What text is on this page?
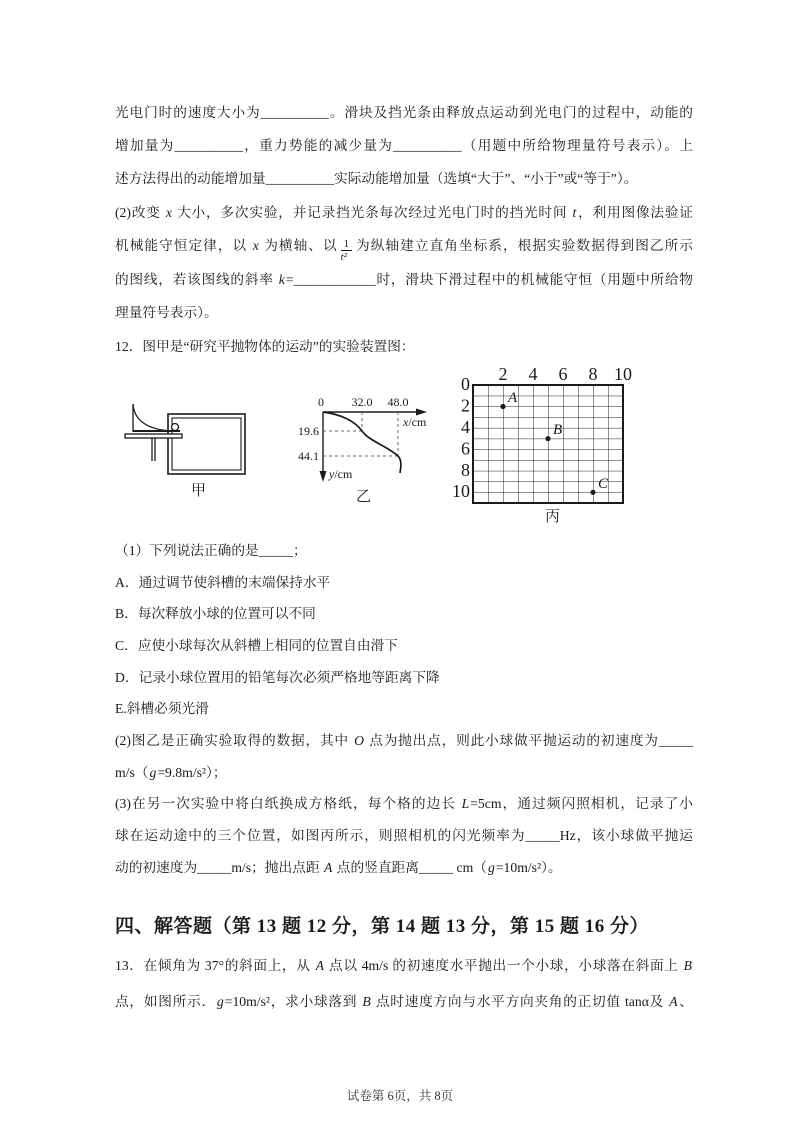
光电门时的速度大小为__________。滑块及挡光条由释放点运动到光电门的过程中，动能的
增加量为__________，重力势能的减少量为__________（用题中所给物理量符号表示）。上
述方法得出的动能增加量__________实际动能增加量（选填“大于”、“小于”或“等于”）。
(2)改变 x 大小，多次实验，并记录挡光条每次经过光电门时的挡光时间 t，利用图像法验证
机械能守恒定律，以 x 为横轴、以 $\frac{1}{\text{t²}}$ 为纵轴建立直角坐标系，根据实验数据得到图乙所示
的图线，若该图线的斜率 k=____________时，滑块下滑过程中的机械能守恒（用题中所给物
理量符号表示）。
12．图甲是“研究平抛物体的运动”的实验装置图：
甲
0 32.0 48.0
19.6
44.1
x/cm
y/cm
乙
0 2 4 6 8 10
2
4
6
8
10
A
B
C
丙
（1）下列说法正确的是_____；
A．通过调节使斜槽的末端保持水平
B．每次释放小球的位置可以不同
C．应使小球每次从斜槽上相同的位置自由滑下
D．记录小球位置用的铅笔每次必须严格地等距离下降
E.斜槽必须光滑
(2)图乙是正确实验取得的数据，其中 O 点为抛出点，则此小球做平抛运动的初速度为_____
m/s（g=9.8m/s²）；
(3)在另一次实验中将白纸换成方格纸，每个格的边长 L=5cm，通过频闪照相机，记录了小
球在运动途中的三个位置，如图丙所示，则照相机的闪光频率为_____Hz，该小球做平抛运
动的初速度为_____m/s；抛出点距 A 点的竖直距离_____ cm（g=10m/s²）。
四、解答题（第 13 题 12 分，第 14 题 13 分，第 15 题 16 分）
13．在倾角为 37°的斜面上，从 A 点以 4m/s 的初速度水平抛出一个小球，小球落在斜面上 B
点，如图所示．g=10m/s²，求小球落到 B 点时速度方向与水平方向夹角的正切值 tanα及 A、
试卷第 6页，共 8页
